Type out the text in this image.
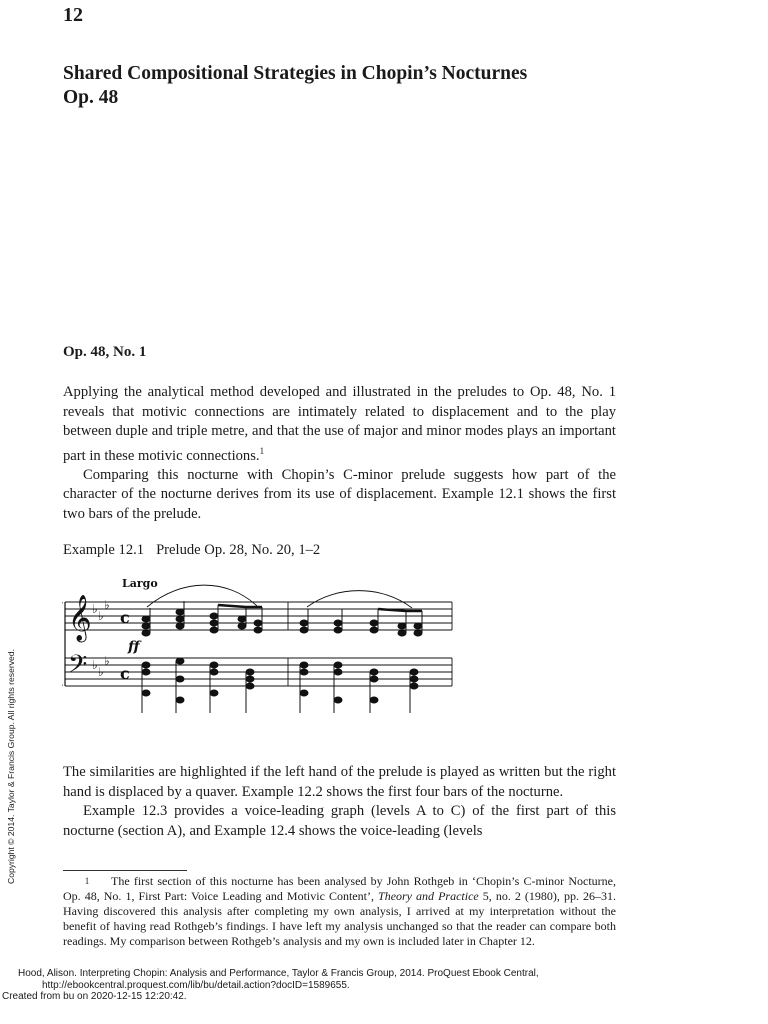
12
Shared Compositional Strategies in Chopin’s Nocturnes
Op. 48
Op. 48, No. 1

Applying the analytical method developed and illustrated in the preludes to Op. 48, No. 1 reveals that motivic connections are intimately related to displacement and to the play between duple and triple metre, and that the use of major and minor modes plays an important part in these motivic connections.$^1$

Comparing this nocturne with Chopin’s C-minor prelude suggests how part of the character of the nocturne derives from its use of displacement. Example 12.1 shows the first two bars of the prelude.

Example 12.1 Prelude Op. 28, No. 20, 1–2
𝄞
𝄢
♭ ♭
♭
♭ ♭
♭
c
c
Largo
ff

The similarities are highlighted if the left hand of the prelude is played as written but the right hand is displaced by a quaver. Example 12.2 shows the first four bars of the nocturne.

Example 12.3 provides a voice-leading graph (levels A to C) of the first part of this nocturne (section A), and Example 12.4 shows the voice-leading (levels

1 The first section of this nocturne has been analysed by John Rothgeb in ‘Chopin’s C-minor Nocturne, Op. 48, No. 1, First Part: Voice Leading and Motivic Content’, Theory and Practice 5, no. 2 (1980), pp. 26–31. Having discovered this analysis after completing my own analysis, I arrived at my interpretation without the benefit of having read Rothgeb’s findings. I have left my analysis unchanged so that the reader can compare both readings. My comparison between Rothgeb’s analysis and my own is included later in Chapter 12.

Copyright © 2014. Taylor & Francis Group. All rights reserved.
Hood, Alison. Interpreting Chopin: Analysis and Performance, Taylor & Francis Group, 2014. ProQuest Ebook Central,
http://ebookcentral.proquest.com/lib/bu/detail.action?docID=1589655.
Created from bu on 2020-12-15 12:20:42.
